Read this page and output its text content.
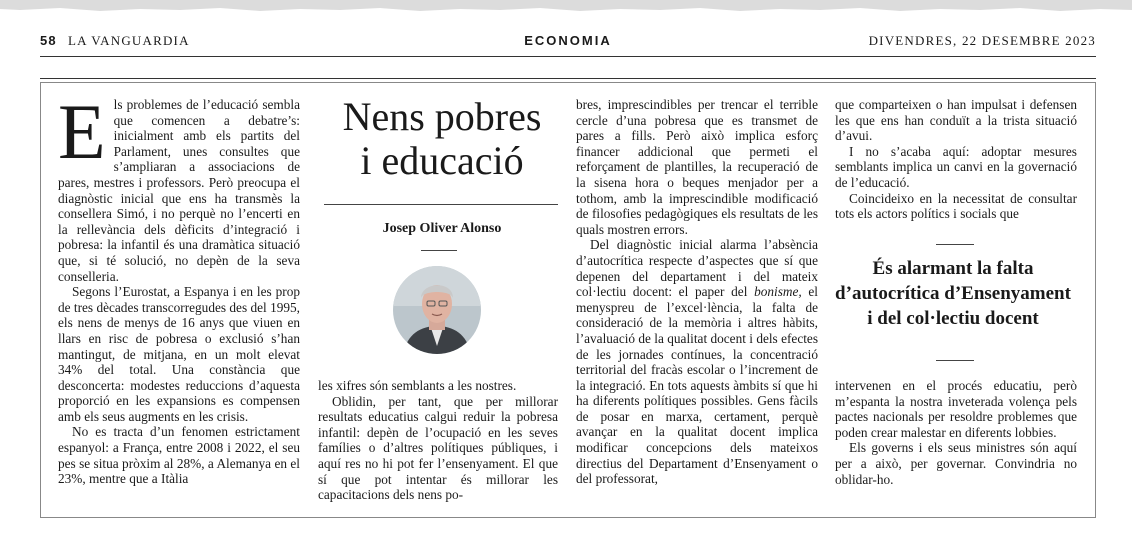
58 LA VANGUARDIA	ECONOMIA	DIVENDRES, 22 DESEMBRE 2023

Els problemes de l’educació sembla que comencen a debatre’s: inicialment amb els partits del Parlament, unes consultes que s’ampliaran a associacions de pares, mestres i professors. Però preocupa el diagnòstic inicial que ens ha transmès la consellera Simó, i no perquè no l’encerti en la rellevància dels dèficits d’integració i pobresa: la infantil és una dramàtica situació que, si té solució, no depèn de la seva conselleria.

Segons l’Eurostat, a Espanya i en les prop de tres dècades transcorregudes des del 1995, els nens de menys de 16 anys que viuen en llars en risc de pobresa o exclusió s’han mantingut, de mitjana, en un molt elevat 34% del total. Una constància que desconcerta: modestes reduccions d’aquesta proporció en les expansions es compensen amb els seus augments en les crisis.

No es tracta d’un fenomen estrictament espanyol: a França, entre 2008 i 2022, el seu pes se situa pròxim al 28%, a Alemanya en el 23%, mentre que a Itàlia

Nens pobres
i educació
Josep Oliver Alonso

les xifres són semblants a les nostres.

Oblidin, per tant, que per millorar resultats educatius calgui reduir la pobresa infantil: depèn de l’ocupació en les seves famílies o d’altres polítiques públiques, i aquí res no hi pot fer l’ensenyament. El que sí que pot intentar és millorar les capacitacions dels nens po-

bres, imprescindibles per trencar el terrible cercle d’una pobresa que es transmet de pares a fills. Però això implica esforç financer addicional que permeti el reforçament de plantilles, la recuperació de la sisena hora o beques menjador per a tothom, amb la imprescindible modificació de filosofies pedagògiques els resultats de les quals mostren errors.

Del diagnòstic inicial alarma l’absència d’autocrítica respecte d’aspectes que sí que depenen del departament i del mateix col·lectiu docent: el paper del bonisme, el menyspreu de l’excel·lència, la falta de consideració de la memòria i altres hàbits, l’avaluació de la qualitat docent i dels efectes de les jornades contínues, la concentració territorial del fracàs escolar o l’increment de la integració. En tots aquests àmbits sí que hi ha diferents polítiques possibles. Gens fàcils de posar en marxa, certament, perquè avançar en la qualitat docent implica modificar concepcions dels mateixos directius del Departament d’Ensenyament o del professorat,

que comparteixen o han impulsat i defensen les que ens han conduït a la trista situació d’avui.

I no s’acaba aquí: adoptar mesures semblants implica un canvi en la governació de l’educació.

Coincideixo en la necessitat de consultar tots els actors polítics i socials que

És alarmant la falta d’autocrítica d’Ensenyament i del col·lectiu docent

intervenen en el procés educatiu, però m’espanta la nostra inveterada volença pels pactes nacionals per resoldre problemes que poden crear malestar en diferents lobbies.

Els governs i els seus ministres són aquí per a això, per governar. Convindria no oblidar-ho.
